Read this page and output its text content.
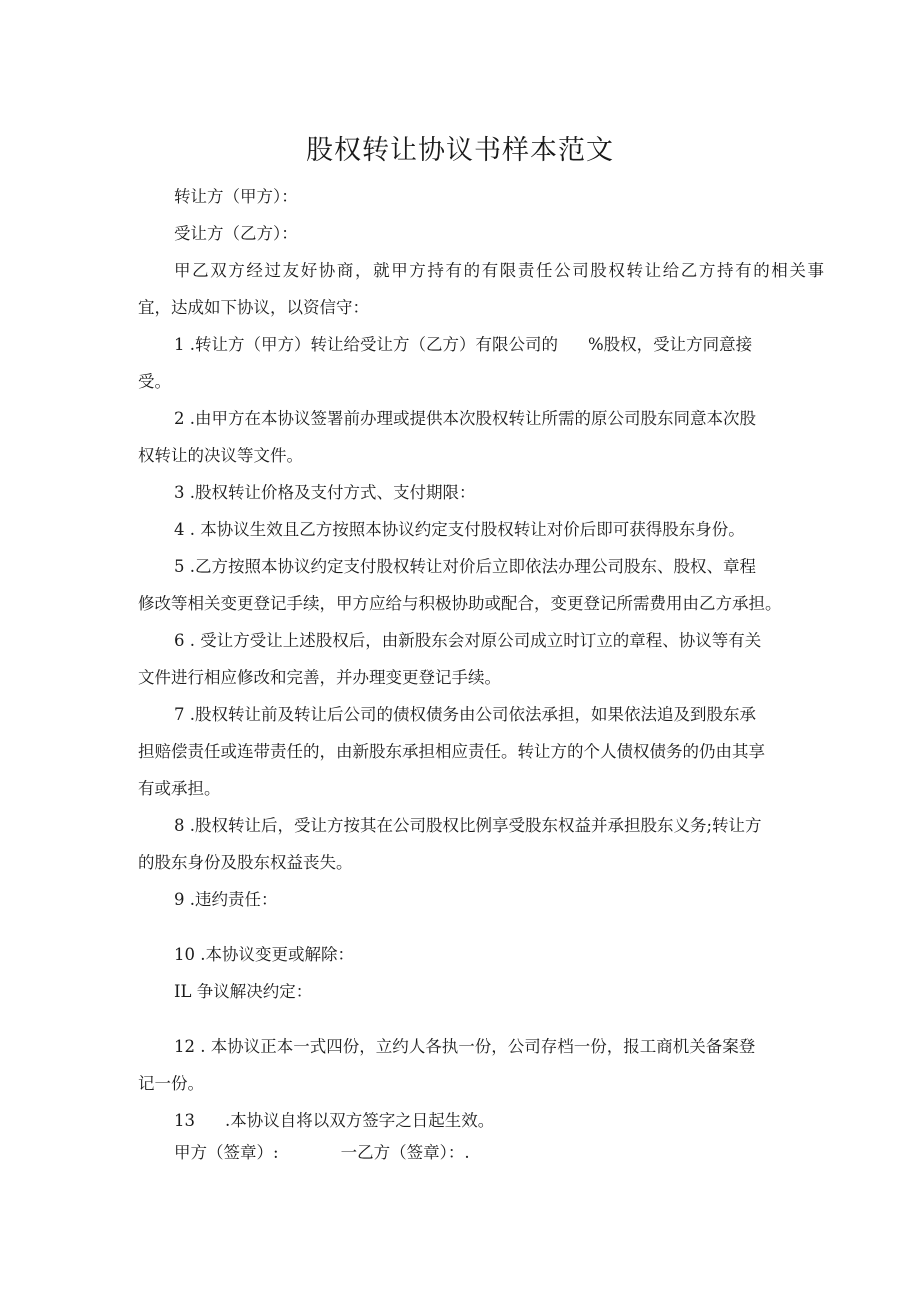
股权转让协议书样本范文

转让方（甲方）：

受让方（乙方）：

甲乙双方经过友好协商，就甲方持有的有限责任公司股权转让给乙方持有的相关事

宜，达成如下协议，以资信守：

1 .转让方（甲方）转让给受让方（乙方）有限公司的 %股权，受让方同意接

受。

2 .由甲方在本协议签署前办理或提供本次股权转让所需的原公司股东同意本次股

权转让的决议等文件。

3 .股权转让价格及支付方式、支付期限：

4 . 本协议生效且乙方按照本协议约定支付股权转让对价后即可获得股东身份。

5 .乙方按照本协议约定支付股权转让对价后立即依法办理公司股东、股权、章程

修改等相关变更登记手续，甲方应给与积极协助或配合，变更登记所需费用由乙方承担。

6 . 受让方受让上述股权后，由新股东会对原公司成立时订立的章程、协议等有关

文件进行相应修改和完善，并办理变更登记手续。

7 .股权转让前及转让后公司的债权债务由公司依法承担，如果依法追及到股东承

担赔偿责任或连带责任的，由新股东承担相应责任。转让方的个人债权债务的仍由其享

有或承担。

8 .股权转让后，受让方按其在公司股权比例享受股东权益并承担股东义务;转让方

的股东身份及股东权益丧失。

9 .违约责任：

10 .本协议变更或解除：

IL 争议解决约定：

12 . 本协议正本一式四份，立约人各执一份，公司存档一份，报工商机关备案登

记一份。

13 .本协议自将以双方签字之日起生效。

甲方（签章）:	一乙方（签章）：.
